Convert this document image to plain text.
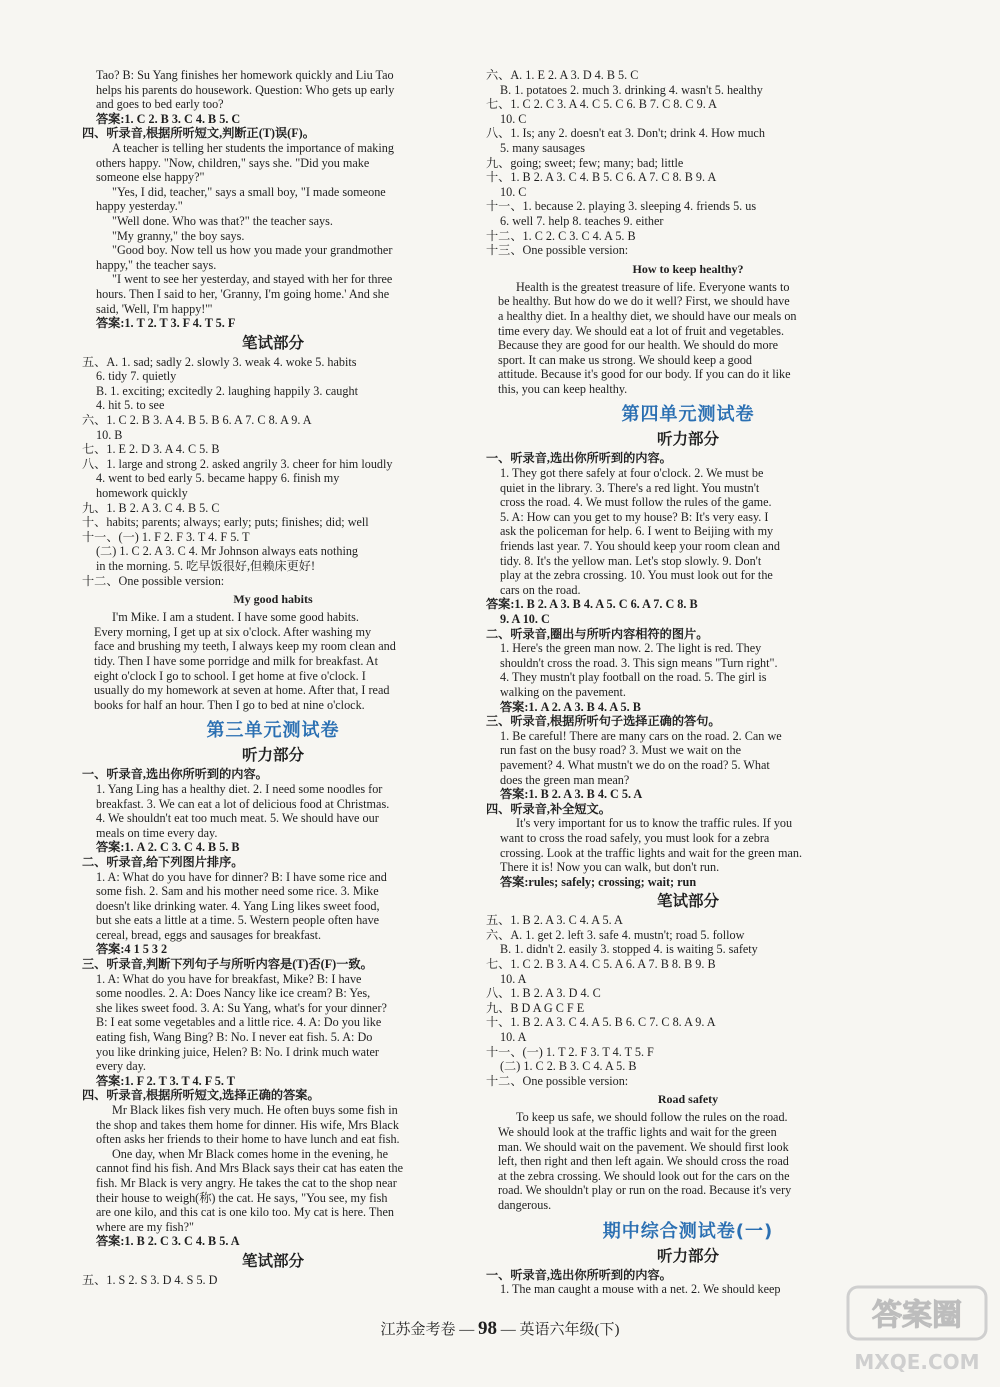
Tao? B: Su Yang finishes her homework quickly and Liu Tao

helps his parents do housework. Question: Who gets up early

and goes to bed early too?

答案:1. C 2. B 3. C 4. B 5. C

四、听录音,根据所听短文,判断正(T)误(F)。

A teacher is telling her students the importance of making

others happy. "Now, children," says she. "Did you make

someone else happy?"

"Yes, I did, teacher," says a small boy, "I made someone

happy yesterday."

"Well done. Who was that?" the teacher says.

"My granny," the boy says.

"Good boy. Now tell us how you made your grandmother

happy," the teacher says.

"I went to see her yesterday, and stayed with her for three

hours. Then I said to her, 'Granny, I'm going home.' And she

said, 'Well, I'm happy!'"

答案:1. T 2. T 3. F 4. T 5. F

笔试部分

五、A. 1. sad; sadly 2. slowly 3. weak 4. woke 5. habits

6. tidy 7. quietly

B. 1. exciting; excitedly 2. laughing happily 3. caught

4. hit 5. to see

六、1. C 2. B 3. A 4. B 5. B 6. A 7. C 8. A 9. A

10. B

七、1. E 2. D 3. A 4. C 5. B

八、1. large and strong 2. asked angrily 3. cheer for him loudly

4. went to bed early 5. became happy 6. finish my

homework quickly

九、1. B 2. A 3. C 4. B 5. C

十、habits; parents; always; early; puts; finishes; did; well

十一、(一) 1. F 2. F 3. T 4. F 5. T

(二) 1. C 2. A 3. C 4. Mr Johnson always eats nothing

in the morning. 5. 吃早饭很好,但赖床更好!

十二、One possible version:

My good habits

I'm Mike. I am a student. I have some good habits.

Every morning, I get up at six o'clock. After washing my

face and brushing my teeth, I always keep my room clean and

tidy. Then I have some porridge and milk for breakfast. At

eight o'clock I go to school. I get home at five o'clock. I

usually do my homework at seven at home. After that, I read

books for half an hour. Then I go to bed at nine o'clock.

第三单元测试卷
听力部分

一、听录音,选出你所听到的内容。

1. Yang Ling has a healthy diet. 2. I need some noodles for

breakfast. 3. We can eat a lot of delicious food at Christmas.

4. We shouldn't eat too much meat. 5. We should have our

meals on time every day.

答案:1. A 2. C 3. C 4. B 5. B

二、听录音,给下列图片排序。

1. A: What do you have for dinner? B: I have some rice and

some fish. 2. Sam and his mother need some rice. 3. Mike

doesn't like drinking water. 4. Yang Ling likes sweet food,

but she eats a little at a time. 5. Western people often have

cereal, bread, eggs and sausages for breakfast.

答案:4 1 5 3 2

三、听录音,判断下列句子与所听内容是(T)否(F)一致。

1. A: What do you have for breakfast, Mike? B: I have

some noodles. 2. A: Does Nancy like ice cream? B: Yes,

she likes sweet food. 3. A: Su Yang, what's for your dinner?

B: I eat some vegetables and a little rice. 4. A: Do you like

eating fish, Wang Bing? B: No. I never eat fish. 5. A: Do

you like drinking juice, Helen? B: No. I drink much water

every day.

答案:1. F 2. T 3. T 4. F 5. T

四、听录音,根据所听短文,选择正确的答案。

Mr Black likes fish very much. He often buys some fish in

the shop and takes them home for dinner. His wife, Mrs Black

often asks her friends to their home to have lunch and eat fish.

One day, when Mr Black comes home in the evening, he

cannot find his fish. And Mrs Black says their cat has eaten the

fish. Mr Black is very angry. He takes the cat to the shop near

their house to weigh(称) the cat. He says, "You see, my fish

are one kilo, and this cat is one kilo too. My cat is here. Then

where are my fish?"

答案:1. B 2. C 3. C 4. B 5. A

笔试部分

五、1. S 2. S 3. D 4. S 5. D

六、A. 1. E 2. A 3. D 4. B 5. C

B. 1. potatoes 2. much 3. drinking 4. wasn't 5. healthy

七、1. C 2. C 3. A 4. C 5. C 6. B 7. C 8. C 9. A

10. C

八、1. Is; any 2. doesn't eat 3. Don't; drink 4. How much

5. many sausages

九、going; sweet; few; many; bad; little

十、1. B 2. A 3. C 4. B 5. C 6. A 7. C 8. B 9. A

10. C

十一、1. because 2. playing 3. sleeping 4. friends 5. us

6. well 7. help 8. teaches 9. either

十二、1. C 2. C 3. C 4. A 5. B

十三、One possible version:

How to keep healthy?

Health is the greatest treasure of life. Everyone wants to

be healthy. But how do we do it well? First, we should have

a healthy diet. In a healthy diet, we should have our meals on

time every day. We should eat a lot of fruit and vegetables.

Because they are good for our health. We should do more

sport. It can make us strong. We should keep a good

attitude. Because it's good for our body. If you can do it like

this, you can keep healthy.

第四单元测试卷
听力部分

一、听录音,选出你所听到的内容。

1. They got there safely at four o'clock. 2. We must be

quiet in the library. 3. There's a red light. You mustn't

cross the road. 4. We must follow the rules of the game.

5. A: How can you get to my house? B: It's very easy. I

ask the policeman for help. 6. I went to Beijing with my

friends last year. 7. You should keep your room clean and

tidy. 8. It's the yellow man. Let's stop slowly. 9. Don't

play at the zebra crossing. 10. You must look out for the

cars on the road.

答案:1. B 2. A 3. B 4. A 5. C 6. A 7. C 8. B

9. A 10. C

二、听录音,圈出与所听内容相符的图片。

1. Here's the green man now. 2. The light is red. They

shouldn't cross the road. 3. This sign means "Turn right".

4. They mustn't play football on the road. 5. The girl is

walking on the pavement.

答案:1. A 2. A 3. B 4. A 5. B

三、听录音,根据所听句子选择正确的答句。

1. Be careful! There are many cars on the road. 2. Can we

run fast on the busy road? 3. Must we wait on the

pavement? 4. What mustn't we do on the road? 5. What

does the green man mean?

答案:1. B 2. A 3. B 4. C 5. A

四、听录音,补全短文。

It's very important for us to know the traffic rules. If you

want to cross the road safely, you must look for a zebra

crossing. Look at the traffic lights and wait for the green man.

There it is! Now you can walk, but don't run.

答案:rules; safely; crossing; wait; run

笔试部分

五、1. B 2. A 3. C 4. A 5. A

六、A. 1. get 2. left 3. safe 4. mustn't; road 5. follow

B. 1. didn't 2. easily 3. stopped 4. is waiting 5. safety

七、1. C 2. B 3. A 4. C 5. A 6. A 7. B 8. B 9. B

10. A

八、1. B 2. A 3. D 4. C

九、B D A G C F E

十、1. B 2. A 3. C 4. A 5. B 6. C 7. C 8. A 9. A

10. A

十一、(一) 1. T 2. F 3. T 4. T 5. F

(二) 1. C 2. B 3. C 4. A 5. B

十二、One possible version:

Road safety

To keep us safe, we should follow the rules on the road.

We should look at the traffic lights and wait for the green

man. We should wait on the pavement. We should first look

left, then right and then left again. We should cross the road

at the zebra crossing. We should look out for the cars on the

road. We shouldn't play or run on the road. Because it's very

dangerous.

期中综合测试卷(一)
听力部分

一、听录音,选出你所听到的内容。

1. The man caught a mouse with a net. 2. We should keep

江苏金考卷 — 98 — 英语六年级(下)	答案圈
MXQE.COM
